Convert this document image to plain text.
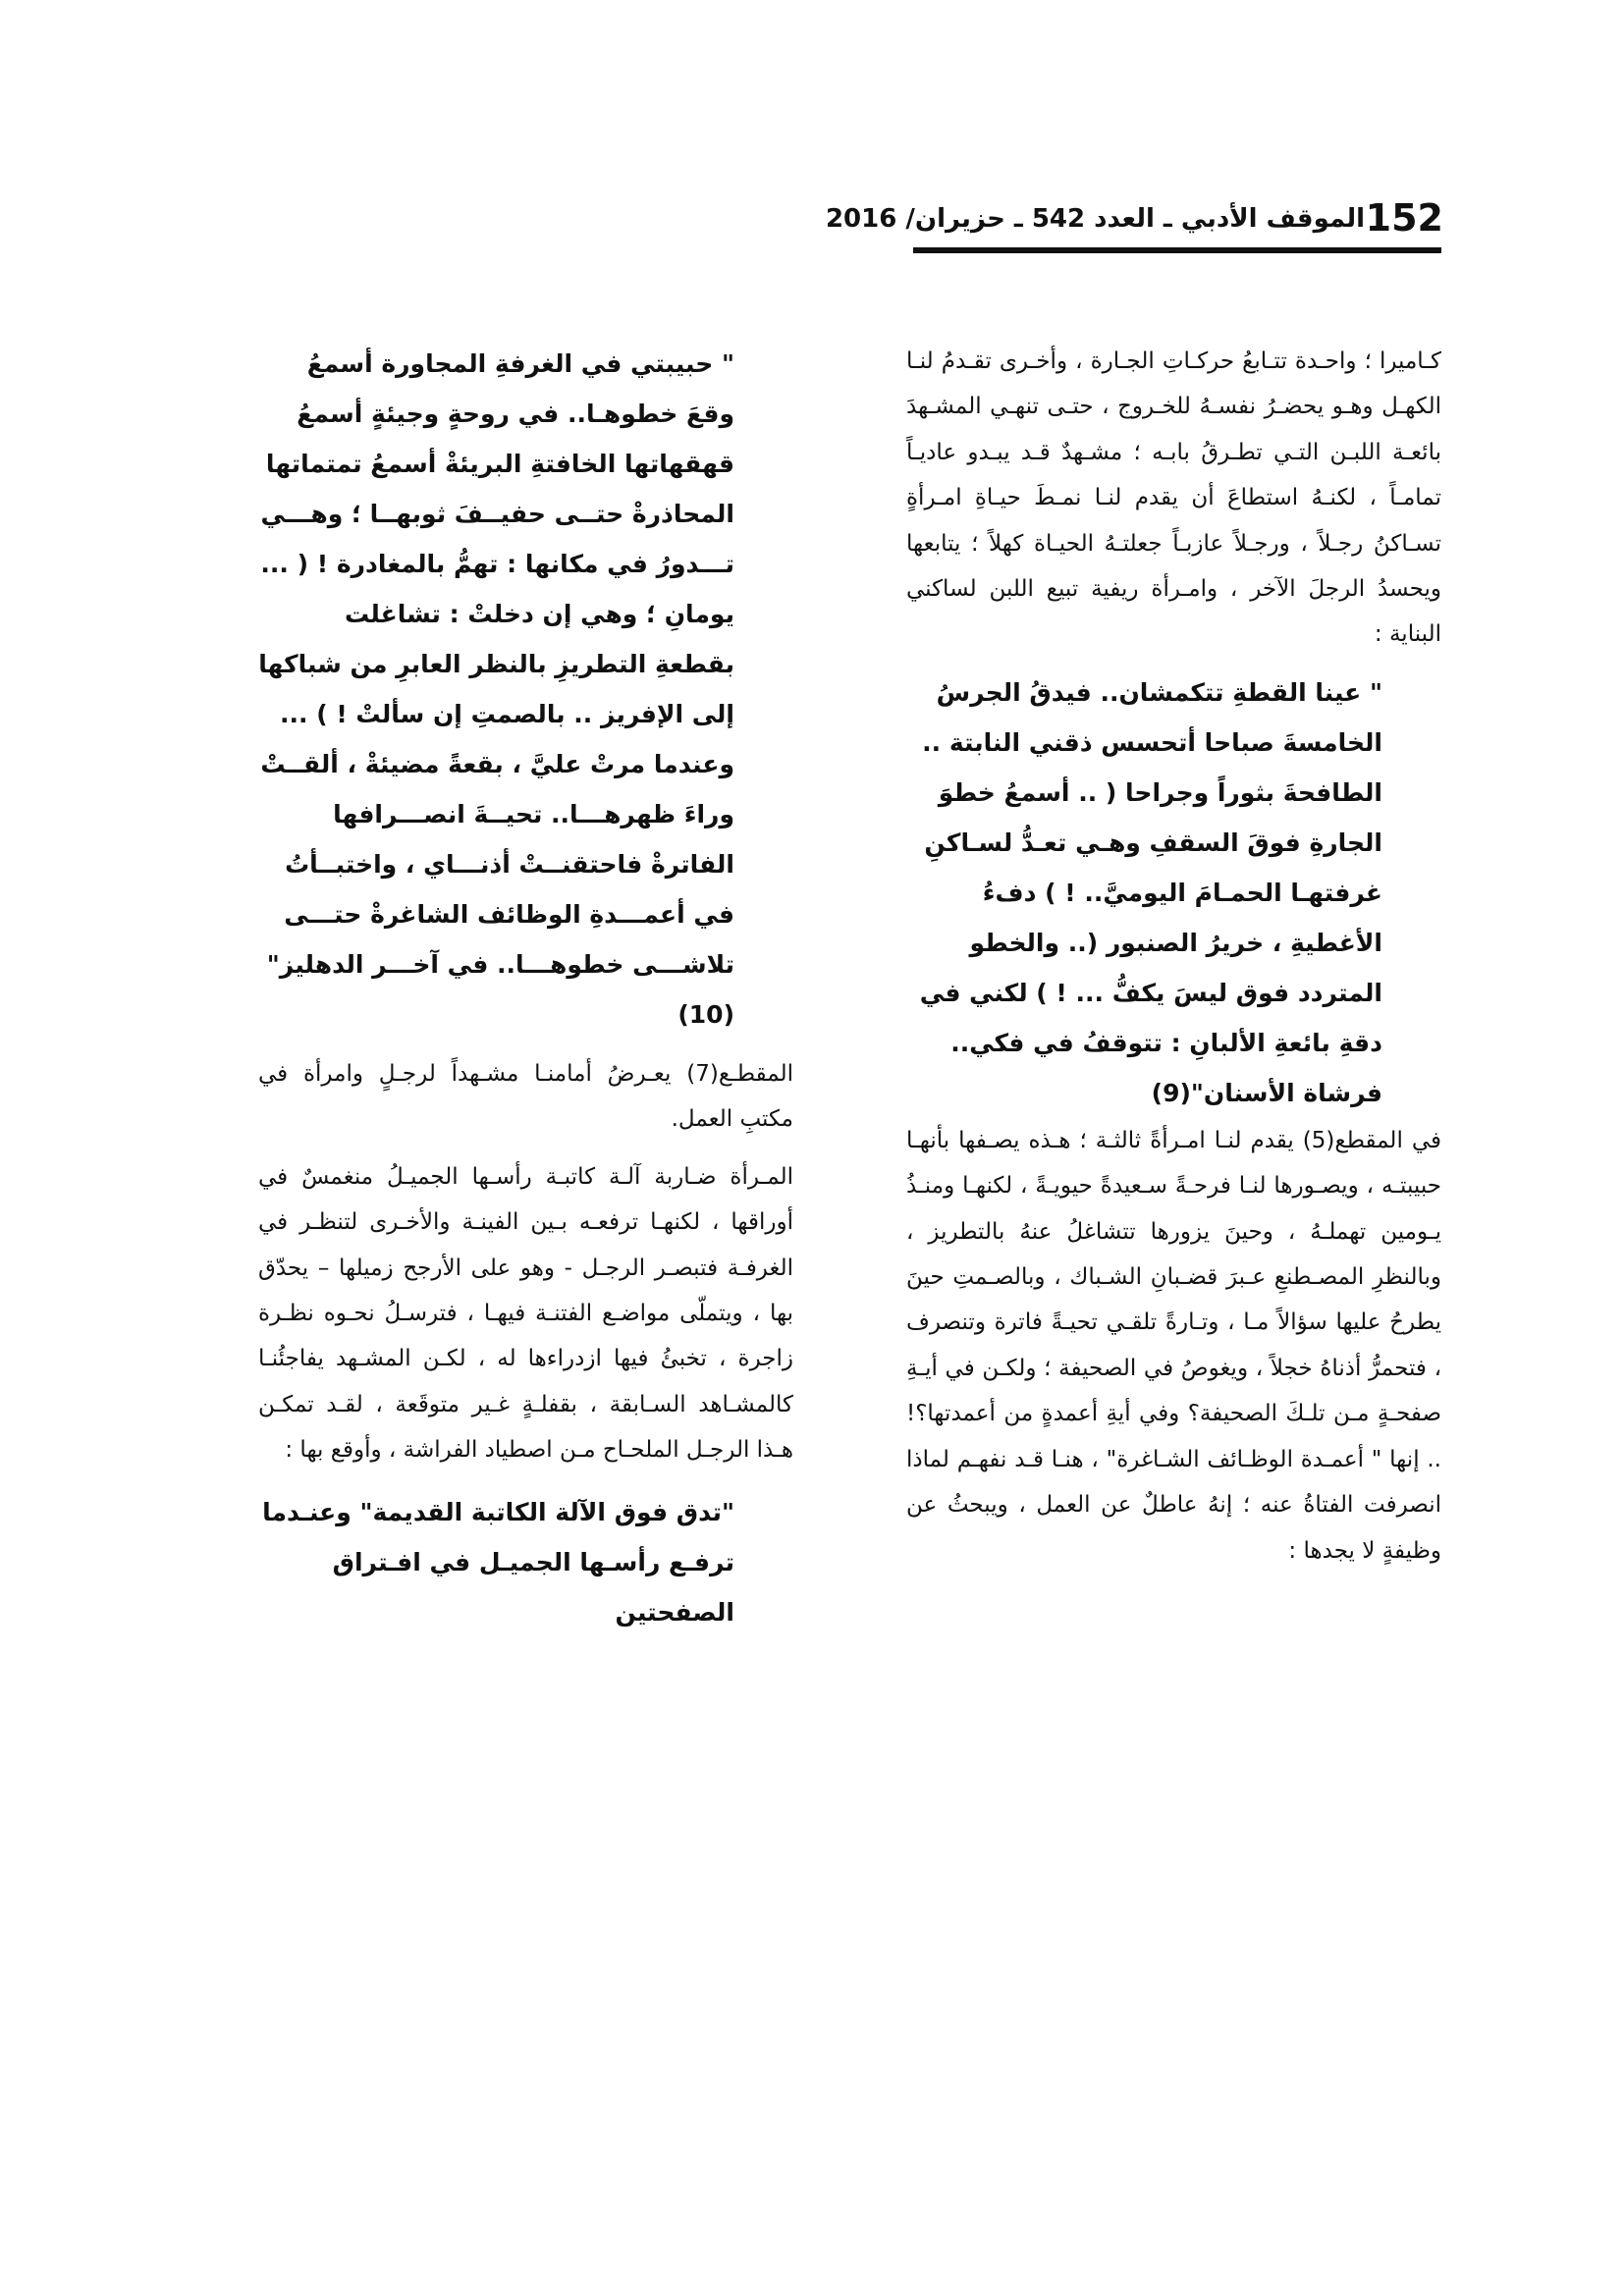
152
الموقف الأدبي ـ العدد 542 ـ حزيران/ 2016

كـاميرا ؛ واحـدة تتـابعُ حركـاتِ الجـارة ، وأخـرى تقـدمُ لنـا الكهـل وهـو يحضـرُ نفسـهُ للخـروج ، حتـى تنهـي المشـهدَ بائعـة اللبـن التـي تطـرقُ بابـه ؛ مشـهدٌ قـد يبـدو عاديـاً تمامـاً ، لكنـهُ استطاعَ أن يقدم لنـا نمـطَ حيـاةِ امـرأةٍ تسـاكنُ رجـلاً ، ورجـلاً عازبـاً جعلتـهُ الحيـاة كهلاً ؛ يتابعها ويحسدُ الرجلَ الآخر ، وامـرأة ريفية تبيع اللبن لساكني البناية :

" عينا القطةِ تتكمشان.. فيدقُ الجرسُ الخامسةَ صباحا أتحسس ذقني النابتة .. الطافحةَ بثوراً وجراحا ( .. أسمعُ خطوَ الجارةِ فوقَ السقفِ وهـي تعـدُّ لسـاكنِ غرفتهـا الحمـامَ اليوميَّ.. ! ) دفءُ الأغطيةِ ، خريرُ الصنبور (.. والخطو المتردد فوق ليسَ يكفُّ ... ! ) لكني في دقةِ بائعةِ الألبانِ : تتوقفُ في فكي.. فرشاة الأسنان"(9)

في المقطع(5) يقدم لنـا امـرأةً ثالثـة ؛ هـذه يصـفها بأنهـا حبيبتـه ، ويصـورها لنـا فرحـةً سـعيدةً حيويـةً ، لكنهـا ومنـذُ يـومين تهملـهُ ، وحينَ يزورها تتشاغلُ عنهُ بالتطريز ، وبالنظرِ المصـطنعِ عـبرَ قضـبانِ الشـباك ، وبالصـمتِ حينَ يطرحُ عليها سؤالاً مـا ، وتـارةً تلقـي تحيـةً فاترة وتنصرف ، فتحمرُّ أذناهُ خجلاً ، ويغوصُ في الصحيفة ؛ ولكـن في أيـةِ صفحـةٍ مـن تلـكَ الصحيفة؟ وفي أيةِ أعمدةٍ من أعمدتها؟! .. إنها " أعمـدة الوظـائف الشـاغرة" ، هنـا قـد نفهـم لماذا انصرفت الفتاةُ عنه ؛ إنهُ عاطلٌ عن العمل ، ويبحثُ عن وظيفةٍ لا يجدها :

" حبيبتي في الغرفةِ المجاورة أسمعُ وقعَ خطوهـا.. في روحةٍ وجيئةٍ أسمعُ قهقهاتها الخافتةِ البريئةْ أسمعُ تمتماتها المحاذرةْ حتــى حفيــفَ ثوبهــا ؛ وهـــي تـــدورُ في مكانها : تهمُّ بالمغادرة ! ( ... يومانِ ؛ وهي إن دخلتْ : تشاغلت بقطعةِ التطريزِ بالنظر العابرِ من شباكها إلى الإفريز .. بالصمتِ إن سألتْ ! ) ... وعندما مرتْ عليَّ ، بقعةً مضيئةْ ، ألقــتْ وراءَ ظهرهـــا.. تحيــةَ انصـــرافها الفاترةْ فاحتقنــتْ أذنـــاي ، واختبــأتُ في أعمـــدةِ الوظائف الشاغرةْ حتـــى تلاشـــى خطوهـــا.. في آخـــر الدهليز"(10)

المقطـع(7) يعـرضُ أمامنـا مشـهداً لرجـلٍ وامرأة في مكتبِ العمل.

المـرأة ضـاربة آلـة كاتبـة رأسـها الجميـلُ منغمسٌ في أوراقها ، لكنهـا ترفعـه بـين الفينـة والأخـرى لتنظـر في الغرفـة فتبصـر الرجـل - وهو على الأرجح زميلها – يحدّق بها ، ويتملّى مواضـع الفتنـة فيهـا ، فترسـلُ نحـوه نظـرة زاجرة ، تخبئُ فيها ازدراءها له ، لكـن المشـهد يفاجئُنـا كالمشـاهد السـابقة ، بقفلـةٍ غـير متوقَعة ، لقـد تمكـن هـذا الرجـل الملحـاح مـن اصطياد الفراشة ، وأوقع بها :

"تدق فوق الآلة الكاتبة القديمة" وعنـدما ترفـع رأسـها الجميـل في افـتراق الصفحتين
